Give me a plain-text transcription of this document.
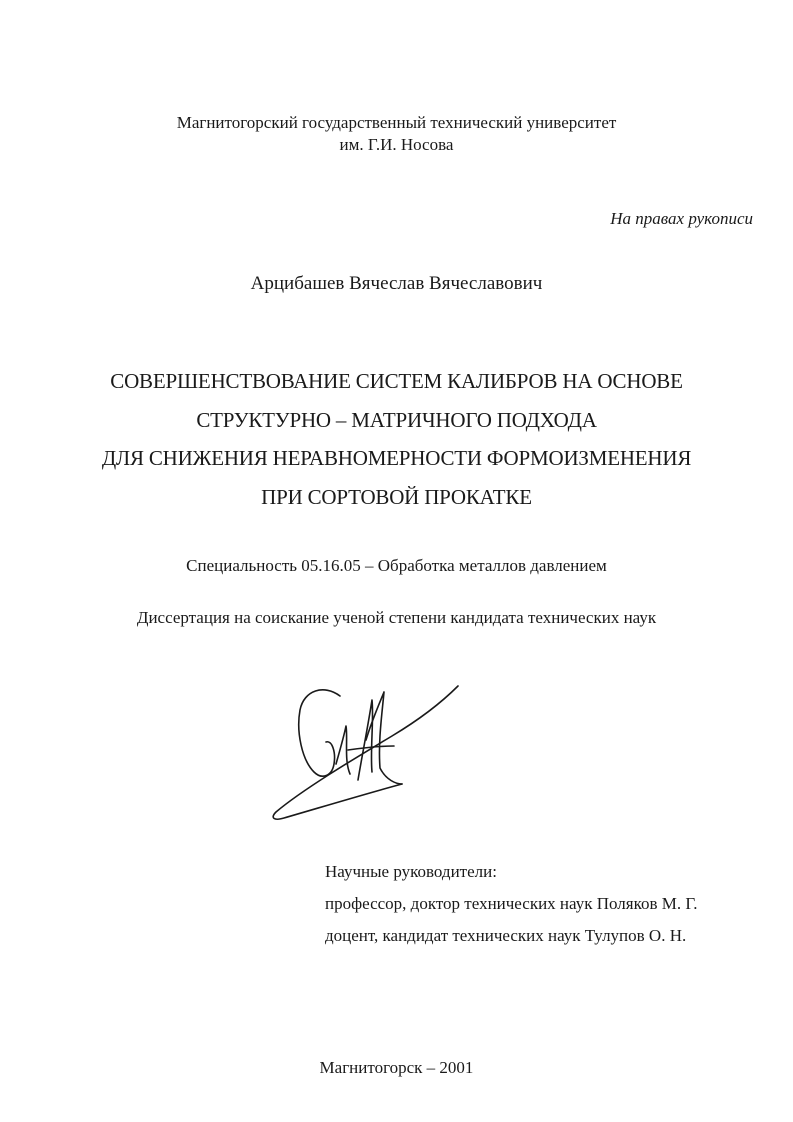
Магнитогорский государственный технический университет
им. Г.И. Носова
На правах рукописи
Арцибашев Вячеслав Вячеславович
СОВЕРШЕНСТВОВАНИЕ СИСТЕМ КАЛИБРОВ НА ОСНОВЕ
СТРУКТУРНО – МАТРИЧНОГО ПОДХОДА
ДЛЯ СНИЖЕНИЯ НЕРАВНОМЕРНОСТИ ФОРМОИЗМЕНЕНИЯ
ПРИ СОРТОВОЙ ПРОКАТКЕ
Специальность 05.16.05 – Обработка металлов давлением
Диссертация на соискание ученой степени кандидата технических наук
Научные руководители:
профессор, доктор технических наук Поляков М. Г.
доцент, кандидат технических наук Тулупов О. Н.
Магнитогорск – 2001
